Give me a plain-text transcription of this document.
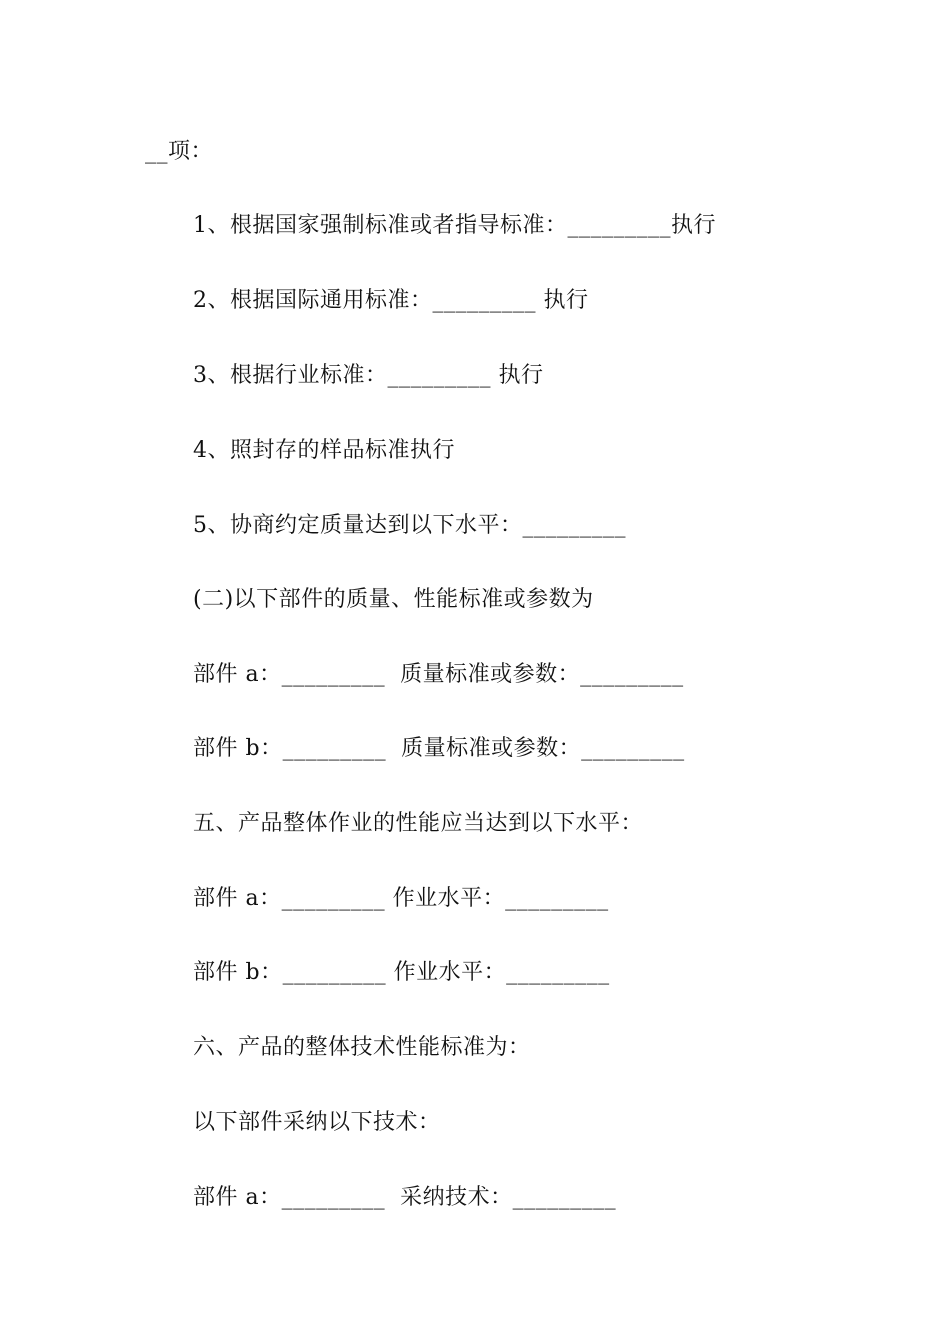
__项：
1、根据国家强制标准或者指导标准：_________执行
2、根据国际通用标准：_________ 执行
3、根据行业标准：_________ 执行
4、照封存的样品标准执行
5、协商约定质量达到以下水平：_________
(二)以下部件的质量、性能标准或参数为
部件 a：_________  质量标准或参数：_________
部件 b：_________  质量标准或参数：_________
五、产品整体作业的性能应当达到以下水平：
部件 a：_________ 作业水平：_________
部件 b：_________ 作业水平：_________
六、产品的整体技术性能标准为：
以下部件采纳以下技术：
部件 a：_________  采纳技术：_________
